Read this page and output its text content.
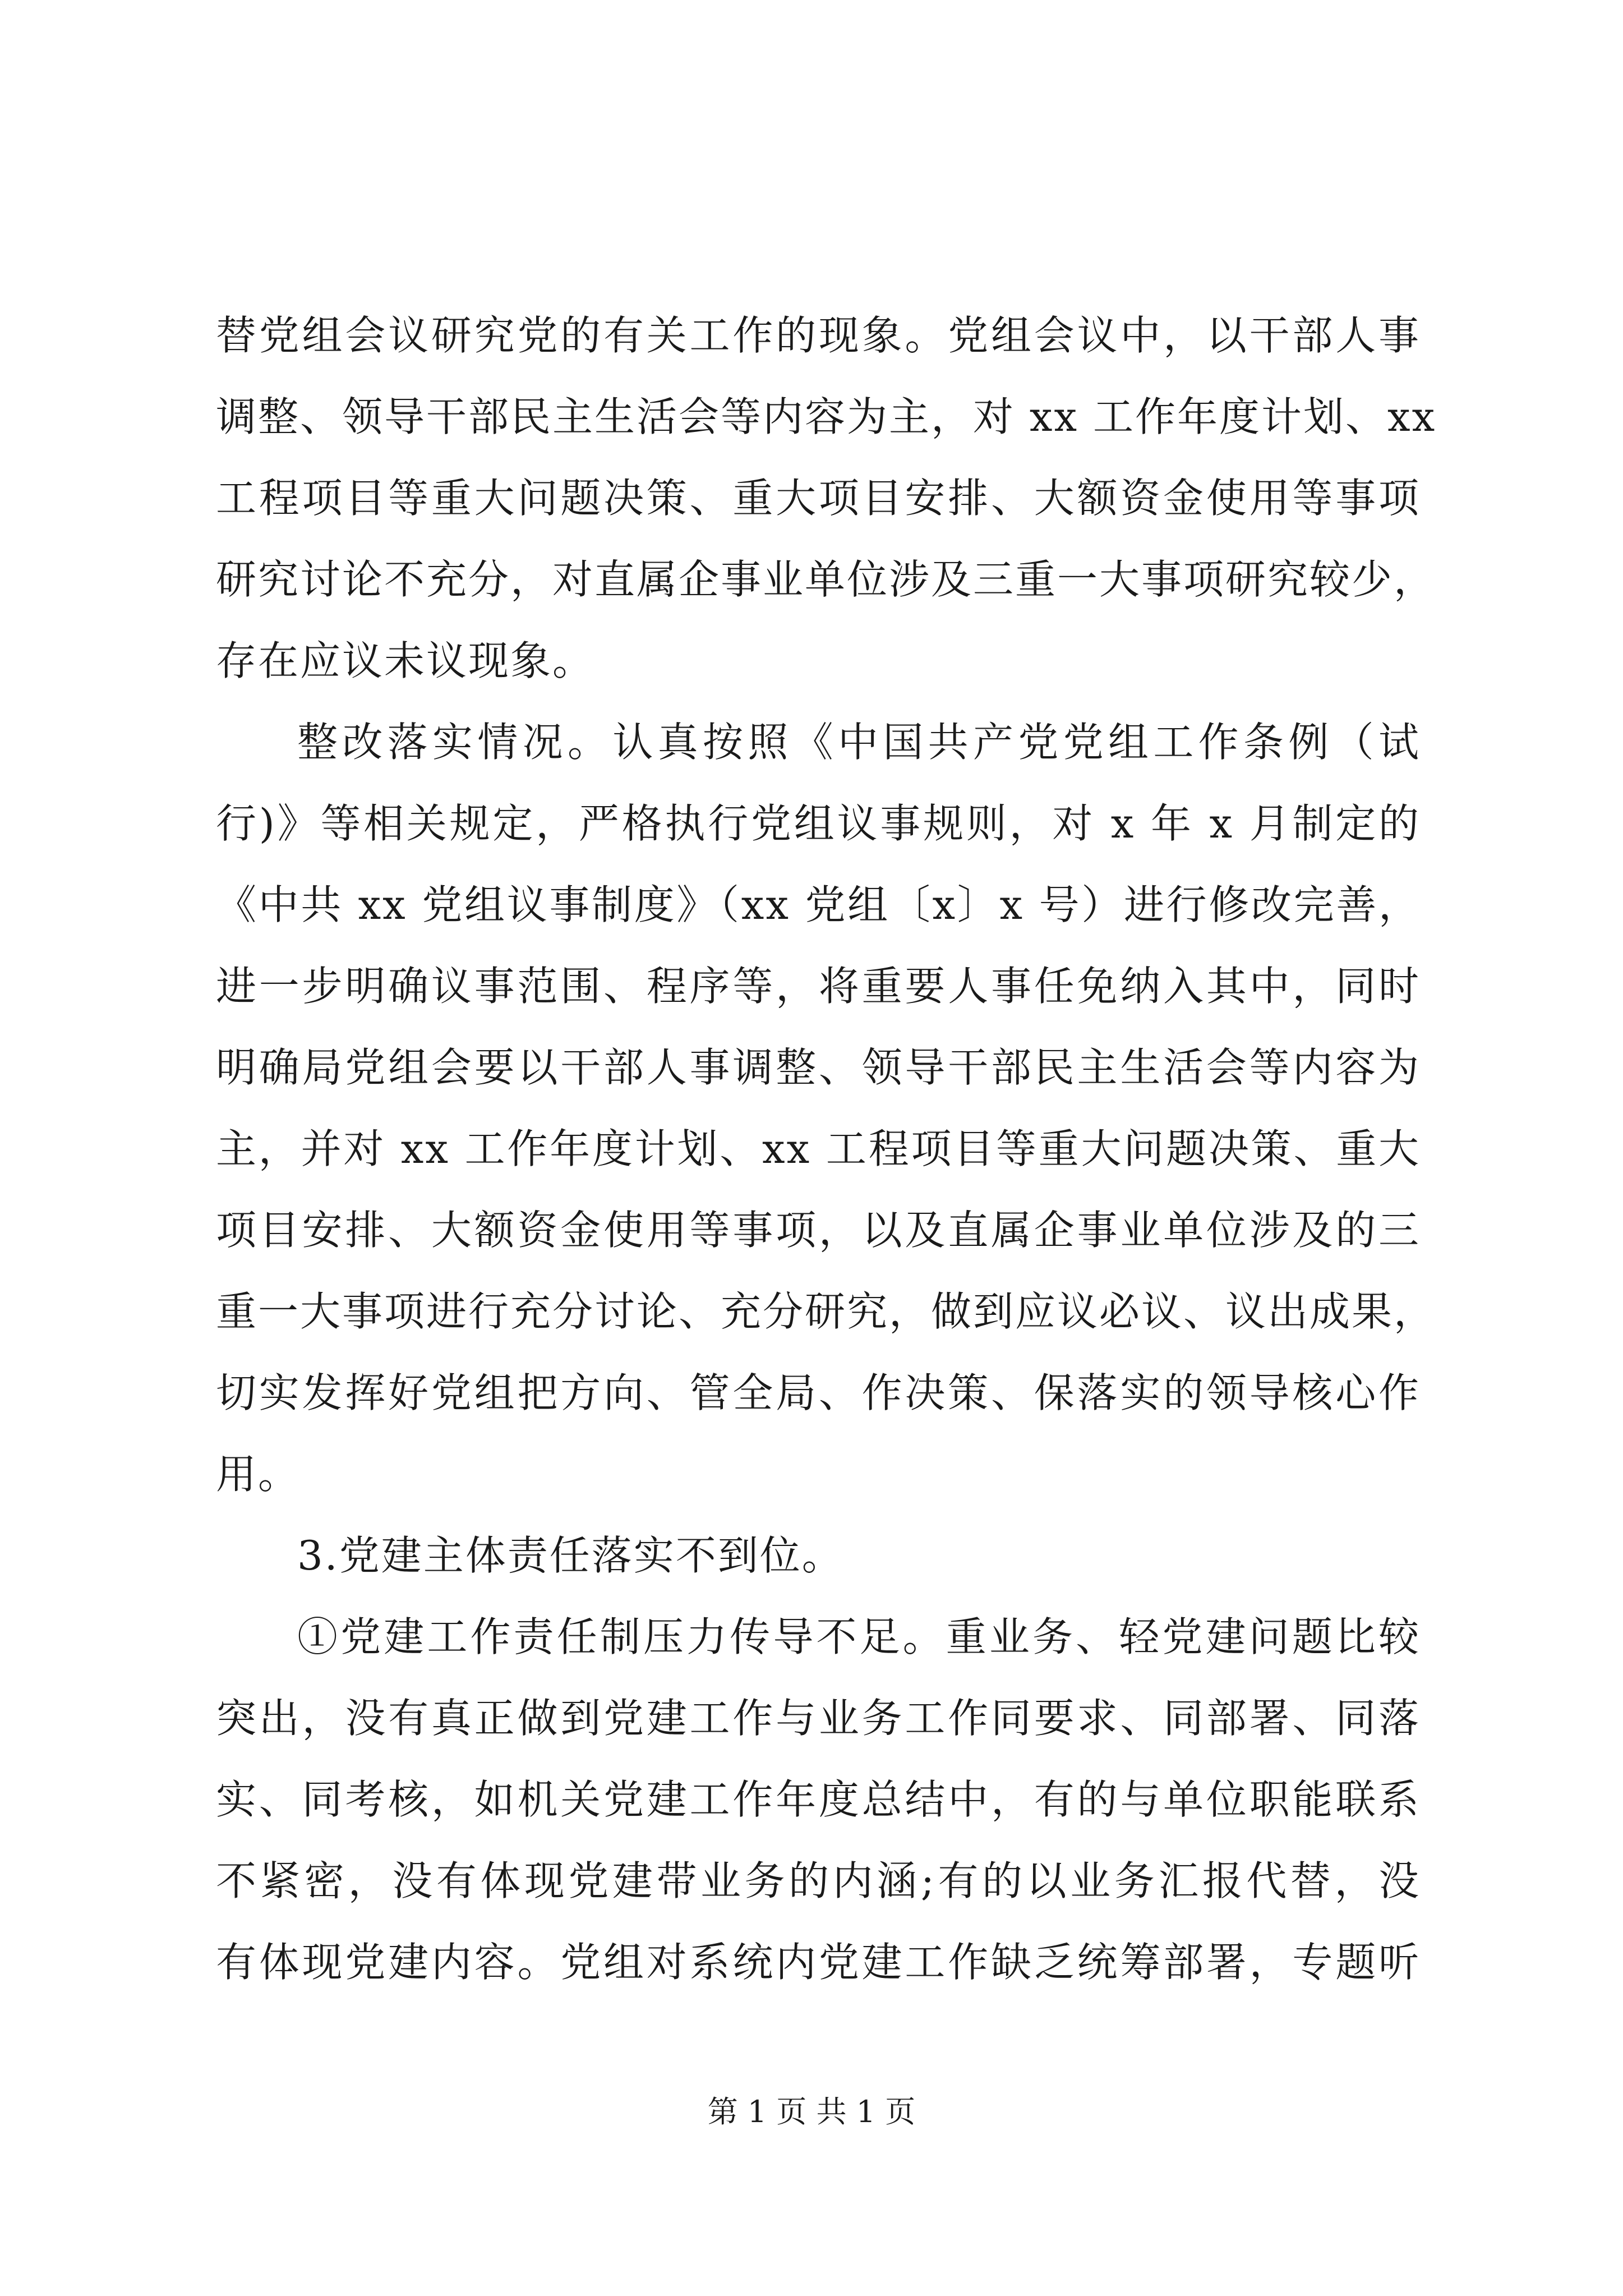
替党组会议研究党的有关工作的现象。党组会议中，以干部人事
调整、领导干部民主生活会等内容为主，对 xx 工作年度计划、xx
工程项目等重大问题决策、重大项目安排、大额资金使用等事项
研究讨论不充分，对直属企事业单位涉及三重一大事项研究较少，
存在应议未议现象。
整改落实情况。认真按照《中国共产党党组工作条例（试
行)》等相关规定，严格执行党组议事规则，对 x 年 x 月制定的
《中共 xx 党组议事制度》（xx 党组〔x〕x 号）进行修改完善，
进一步明确议事范围、程序等，将重要人事任免纳入其中，同时
明确局党组会要以干部人事调整、领导干部民主生活会等内容为
主，并对 xx 工作年度计划、xx 工程项目等重大问题决策、重大
项目安排、大额资金使用等事项，以及直属企事业单位涉及的三
重一大事项进行充分讨论、充分研究，做到应议必议、议出成果，
切实发挥好党组把方向、管全局、作决策、保落实的领导核心作
用。
3.党建主体责任落实不到位。
①党建工作责任制压力传导不足。重业务、轻党建问题比较
突出，没有真正做到党建工作与业务工作同要求、同部署、同落
实、同考核，如机关党建工作年度总结中，有的与单位职能联系
不紧密，没有体现党建带业务的内涵;有的以业务汇报代替，没
有体现党建内容。党组对系统内党建工作缺乏统筹部署，专题听
第 1 页 共 1 页
